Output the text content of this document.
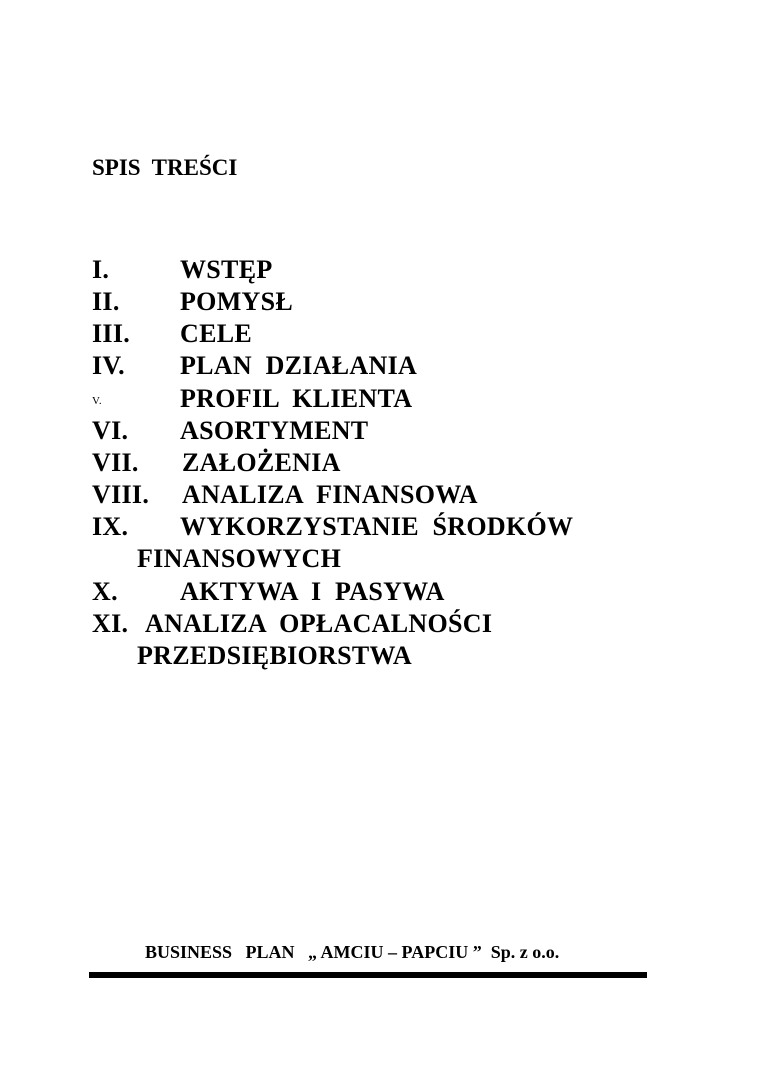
SPIS  TREŚCI

I.

	WSTĘP

II.

POMYSŁ

III.

CELE

IV.

PLAN  DZIAŁANIA

V.

	PROFIL  KLIENTA

VI.

ASORTYMENT

VII.

ZAŁOŻENIA

VIII.

ANALIZA  FINANSOWA

IX.

WYKORZYSTANIE  ŚRODKÓW

FINANSOWYCH

X.

AKTYWA  I  PASYWA

XI.

ANALIZA  OPŁACALNOŚCI

PRZEDSIĘBIORSTWA

BUSINESS   PLAN   „ AMCIU – PAPCIU ”  Sp. z o.o.
